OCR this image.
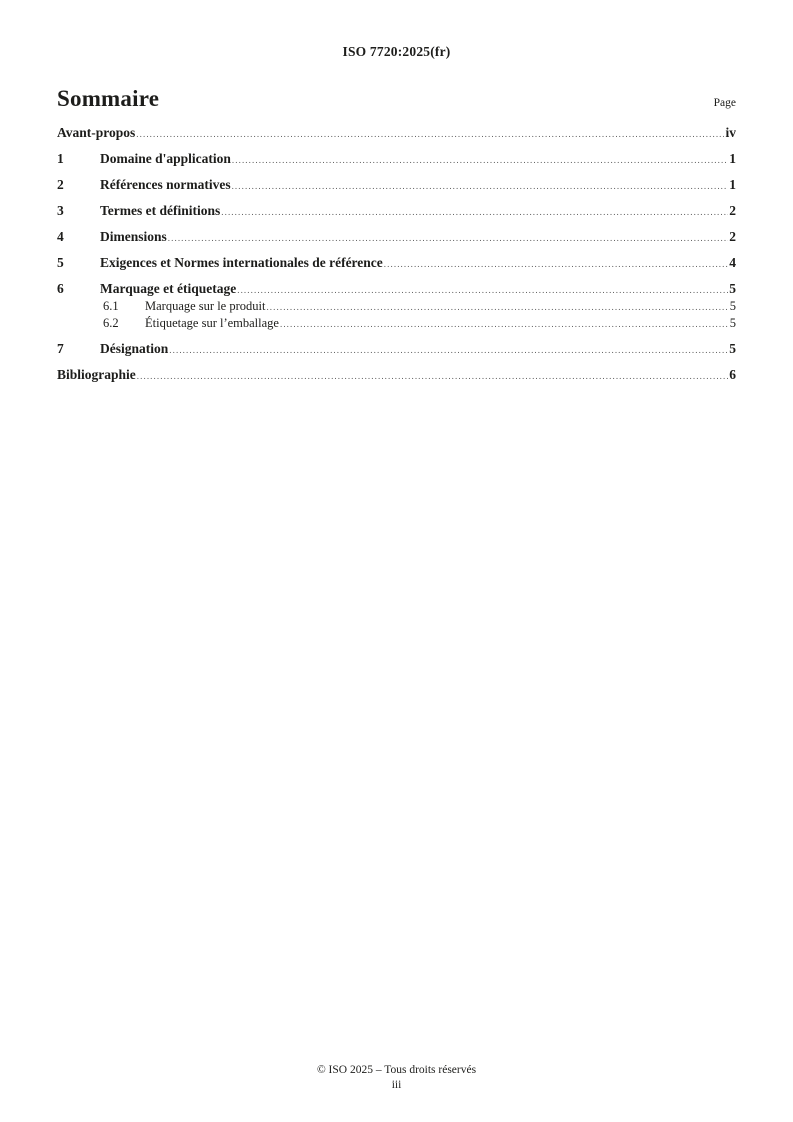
ISO 7720:2025(fr)
Sommaire	Page
Avant-propos .....	iv
1	Domaine d'application .....	1
2	Références normatives .....	1
3	Termes et définitions .....	2
4	Dimensions .....	2
5	Exigences et Normes internationales de référence .....	4
6	Marquage et étiquetage .....	5
6.1	Marquage sur le produit .....	5
6.2	Étiquetage sur l’emballage .....	5
7	Désignation .....	5
Bibliographie .....	6
© ISO 2025 – Tous droits réservés
iii
